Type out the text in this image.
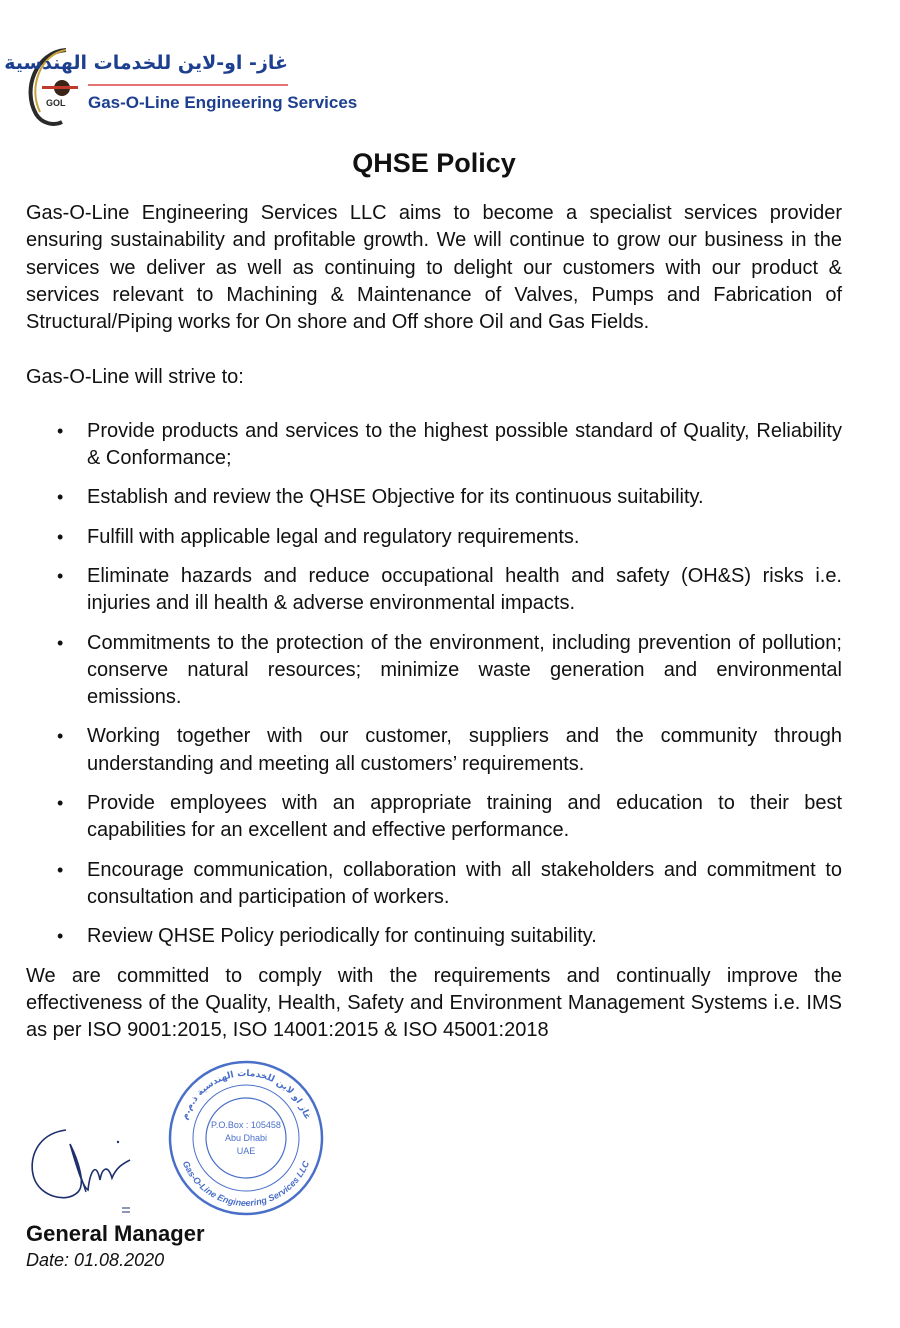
GOL
غاز- او-لاين للخدمات الهندسية
Gas-O-Line Engineering Services
QHSE Policy

Gas-O-Line Engineering Services LLC aims to become a specialist services provider ensuring sustainability and profitable growth. We will continue to grow our business in the services we deliver as well as continuing to delight our customers with our product & services relevant to Machining & Maintenance of Valves, Pumps and Fabrication of Structural/Piping works for On shore and Off shore Oil and Gas Fields.

Gas-O-Line will strive to:

• Provide products and services to the highest possible standard of Quality, Reliability & Conformance;
• Establish and review the QHSE Objective for its continuous suitability.
• Fulfill with applicable legal and regulatory requirements.
• Eliminate hazards and reduce occupational health and safety (OH&S) risks i.e. injuries and ill health & adverse environmental impacts.
• Commitments to the protection of the environment, including prevention of pollution; conserve natural resources; minimize waste generation and environmental emissions.
• Working together with our customer, suppliers and the community through understanding and meeting all customers’ requirements.
• Provide employees with an appropriate training and education to their best capabilities for an excellent and effective performance.
• Encourage communication, collaboration with all stakeholders and commitment to consultation and participation of workers.
• Review QHSE Policy periodically for continuing suitability.

We are committed to comply with the requirements and continually improve the effectiveness of the Quality, Health, Safety and Environment Management Systems i.e. IMS as per ISO 9001:2015, ISO 14001:2015 & ISO 45001:2018

غاز او لاين للخدمات الهندسية ذ.م.م
Gas-O-Line Engineering Services LLC
P.O.Box : 105458
Abu Dhabi
UAE
General Manager
Date: 01.08.2020
